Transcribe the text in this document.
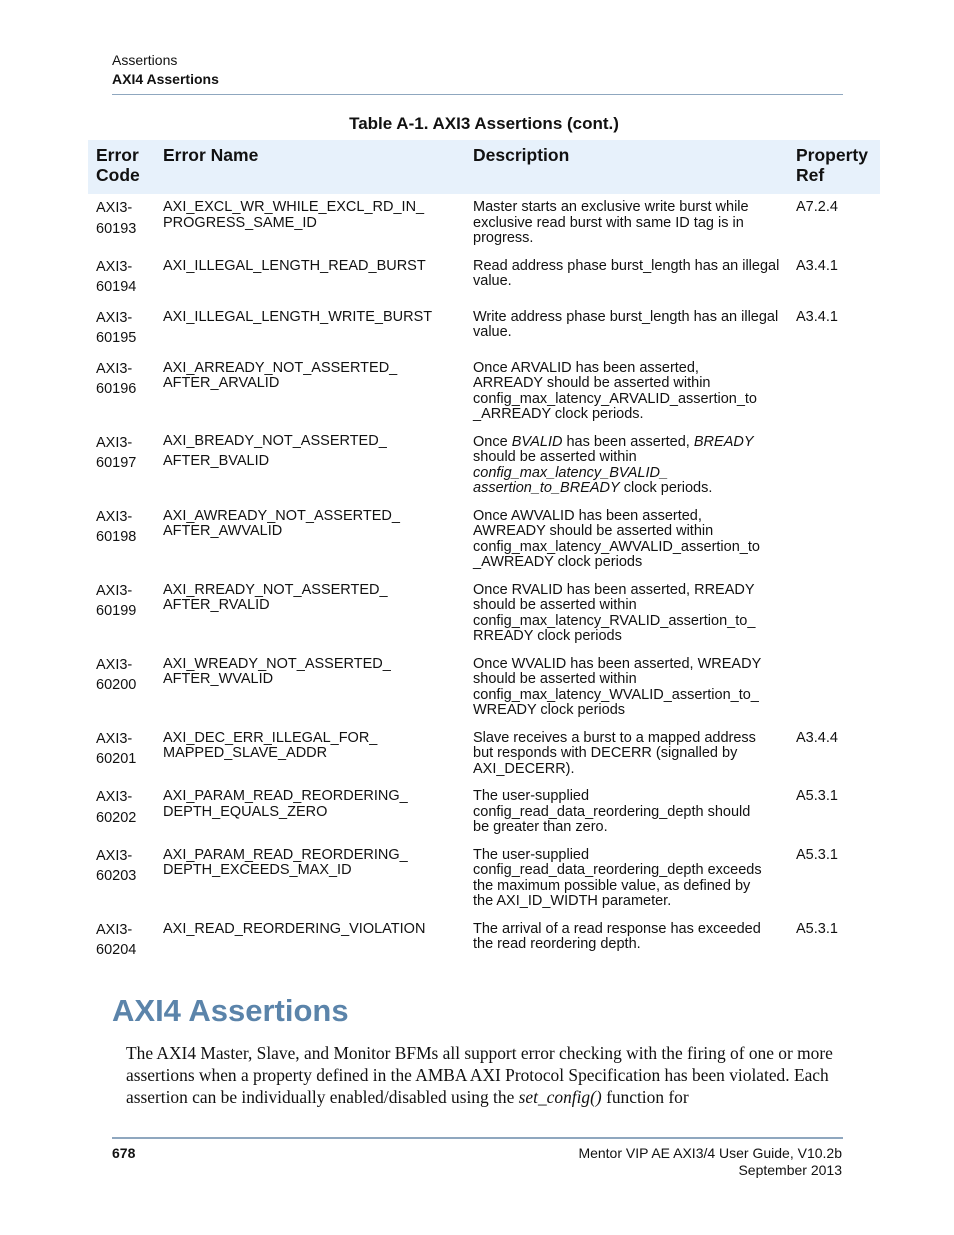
Assertions
AXI4 Assertions
Table A-1. AXI3 Assertions (cont.)
Error
Code	Error Name	Description	Property
Ref
AXI3-
60193	AXI_EXCL_WR_WHILE_EXCL_RD_IN_
PROGRESS_SAME_ID	Master starts an exclusive write burst while exclusive read burst with same ID tag is in progress.	A7.2.4
AXI3-
60194	AXI_ILLEGAL_LENGTH_READ_BURST	Read address phase burst_length has an illegal value.	A3.4.1
AXI3-
60195	AXI_ILLEGAL_LENGTH_WRITE_BURST	Write address phase burst_length has an illegal value.	A3.4.1
AXI3-
60196	AXI_ARREADY_NOT_ASSERTED_
AFTER_ARVALID	Once ARVALID has been asserted,
ARREADY should be asserted within
config_max_latency_ARVALID_assertion_to
_ARREADY clock periods.	
AXI3-
60197	AXI_BREADY_NOT_ASSERTED_
AFTER_BVALID	Once BVALID has been asserted, BREADY
should be asserted within
config_max_latency_BVALID_
assertion_to_BREADY clock periods.	
AXI3-
60198	AXI_AWREADY_NOT_ASSERTED_
AFTER_AWVALID	Once AWVALID has been asserted,
AWREADY should be asserted within
config_max_latency_AWVALID_assertion_to
_AWREADY clock periods	
AXI3-
60199	AXI_RREADY_NOT_ASSERTED_
AFTER_RVALID	Once RVALID has been asserted, RREADY
should be asserted within
config_max_latency_RVALID_assertion_to_
RREADY clock periods	
AXI3-
60200	AXI_WREADY_NOT_ASSERTED_
AFTER_WVALID	Once WVALID has been asserted, WREADY
should be asserted within
config_max_latency_WVALID_assertion_to_
WREADY clock periods	
AXI3-
60201	AXI_DEC_ERR_ILLEGAL_FOR_
MAPPED_SLAVE_ADDR	Slave receives a burst to a mapped address
but responds with DECERR (signalled by
AXI_DECERR).	A3.4.4
AXI3-
60202	AXI_PARAM_READ_REORDERING_
DEPTH_EQUALS_ZERO	The user-supplied
config_read_data_reordering_depth should
be greater than zero.	A5.3.1
AXI3-
60203	AXI_PARAM_READ_REORDERING_
DEPTH_EXCEEDS_MAX_ID	The user-supplied
config_read_data_reordering_depth exceeds
the maximum possible value, as defined by
the AXI_ID_WIDTH parameter.	A5.3.1
AXI3-
60204	AXI_READ_REORDERING_VIOLATION	The arrival of a read response has exceeded
the read reordering depth.	A5.3.1
AXI4 Assertions
The AXI4 Master, Slave, and Monitor BFMs all support error checking with the firing of one or more assertions when a property defined in the AMBA AXI Protocol Specification has been violated. Each assertion can be individually enabled/disabled using the set_config() function for
678	Mentor VIP AE AXI3/4 User Guide, V10.2b
September 2013
